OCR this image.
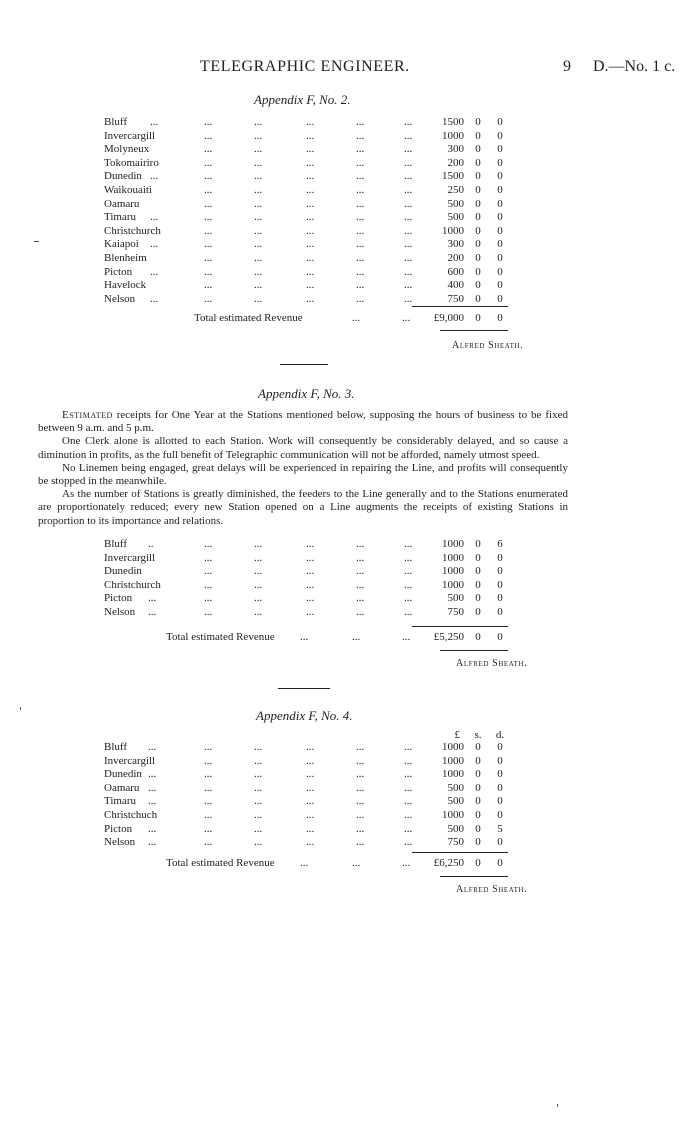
TELEGRAPHIC ENGINEER.	9 D.—No. 1 c.
Appendix F, No. 2.
Bluff ...	...	...	...	...	...	1500 0 0
Invercargill	...	...	...	...	...	1000 0 0
Molyneux	...	...	...	...	...	300 0 0
Tokomairiro	...	...	...	...	...	200 0 0
Dunedin ...	...	...	...	...	...	1500 0 0
Waikouaiti	...	...	...	...	...	250 0 0
Oamaru	...	...	...	...	...	500 0 0
Timaru ...	...	...	...	...	...	500 0 0
Christchurch	...	...	...	...	...	1000 0 0
Kaiapoi ...	...	...	...	...	...	300 0 0
Blenheim	...	...	...	...	...	200 0 0
Picton ...	...	...	...	...	...	600 0 0
Havelock	...	...	...	...	...	400 0 0
Nelson ...	...	...	...	...	...	750 0 0
Total estimated Revenue	...	...	£9,000 0 0
Alfred Sheath.
Appendix F, No. 3.

Estimated receipts for One Year at the Stations mentioned below, supposing the hours of business to be fixed between 9 a.m. and 5 p.m.

One Clerk alone is allotted to each Station. Work will consequently be considerably delayed, and so cause a diminution in profits, as the full benefit of Telegraphic communication will not be afforded, namely utmost speed.

No Linemen being engaged, great delays will be experienced in repairing the Line, and profits will consequently be stopped in the meanwhile.

As the number of Stations is greatly diminished, the feeders to the Line generally and to the Stations enumerated are proportionately reduced; every new Station opened on a Line augments the receipts of existing Stations in proportion to its importance and relations.

Bluff ..	...	...	...	...	...	1000 0 6
Invercargill	...	...	...	...	...	1000 0 0
Dunedin	...	...	...	...	...	1000 0 0
Christchurch	...	...	...	...	...	1000 0 0
Picton ...	...	...	...	...	...	500 0 0
Nelson ...	...	...	...	...	...	750 0 0
Total estimated Revenue ...	...	...	£5,250 0 0
Alfred Sheath.
Appendix F, No. 4.
£ s. d.
Bluff ...	...	...	...	...	...	1000 0 0
Invercargill	...	...	...	...	...	1000 0 0
Dunedin ...	...	...	...	...	...	1000 0 0
Oamaru ...	...	...	...	...	...	500 0 0
Timaru ...	...	...	...	...	...	500 0 0
Christchuch	...	...	...	...	...	1000 0 0
Picton ...	...	...	...	...	...	500 0 5
Nelson ...	...	...	...	...	...	750 0 0
Total estimated Revenue ...	...	...	£6,250 0 0
Alfred Sheath.
